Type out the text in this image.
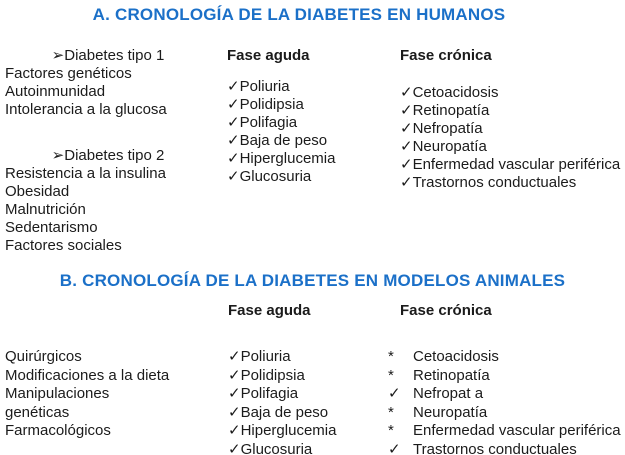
A. CRONOLOGÍA DE LA DIABETES EN HUMANOS
➢Diabetes tipo 1
Factores genéticos
Autoinmunidad
Intolerancia a la glucosa
➢Diabetes tipo 2
Resistencia a la insulina
Obesidad
Malnutrición
Sedentarismo
Factores sociales
Fase aguda
✓Poliuria
✓Polidipsia
✓Polifagia
✓Baja de peso
✓Hiperglucemia
✓Glucosuria
Fase crónica
✓Cetoacidosis
✓Retinopatía
✓Nefropatía
✓Neuropatía
✓Enfermedad vascular periférica
✓Trastornos conductuales
B. CRONOLOGÍA DE LA DIABETES EN MODELOS ANIMALES
Fase aguda	Fase crónica
Quirúrgicos
Modificaciones a la dieta
Manipulaciones
genéticas
Farmacológicos
✓Poliuria
✓Polidipsia
✓Polifagia
✓Baja de peso
✓Hiperglucemia
✓Glucosuria
* Cetoacidosis
* Retinopatía
✓ Nefropat a
* Neuropatía
* Enfermedad vascular periférica
✓ Trastornos conductuales
